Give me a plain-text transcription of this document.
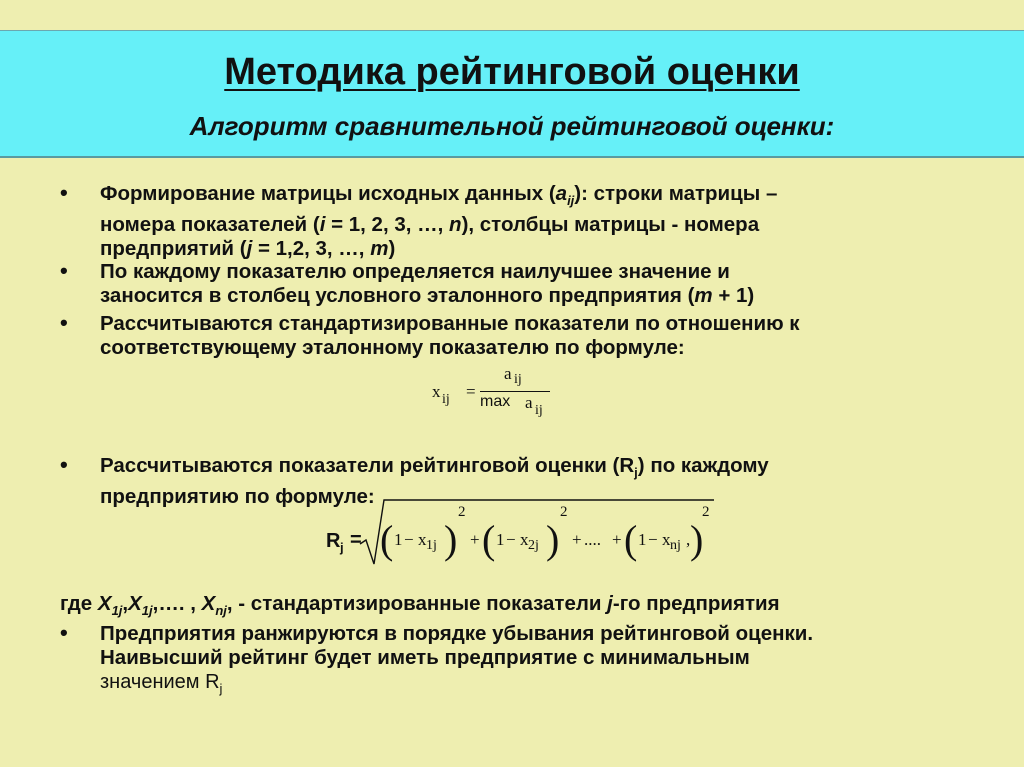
Методика рейтинговой оценки
Алгоритм сравнительной рейтинговой оценки:
• Формирование матрицы исходных данных $(a_{ij})$: строки матрицы –
номера показателей (i = 1, 2, 3, …, n), столбцы матрицы - номера
предприятий (j = 1,2, 3, …, m)
• По каждому показателю определяется наилучшее значение и
заносится в столбец условного эталонного предприятия (m + 1)
• Рассчитываются стандартизированные показатели по отношению к
соответствующему эталонному показателю по формуле:
x ij =
a ij
max a ij
• Рассчитываются показатели рейтинговой оценки $(R_j)$ по каждому
предприятию по формуле:
R j = ( 1 − x 1j )
2
+ ( 1 − x 2j )
2
+ .... + ( 1 − x nj , )
2
где $X_{1j},X_{1j},\dots$. , $X_{nj}$, - стандартизированные показатели j-го предприятия
• Предприятия ранжируются в порядке убывания рейтинговой оценки.
Наивысший рейтинг будет иметь предприятие с минимальным
значением $R_j$
